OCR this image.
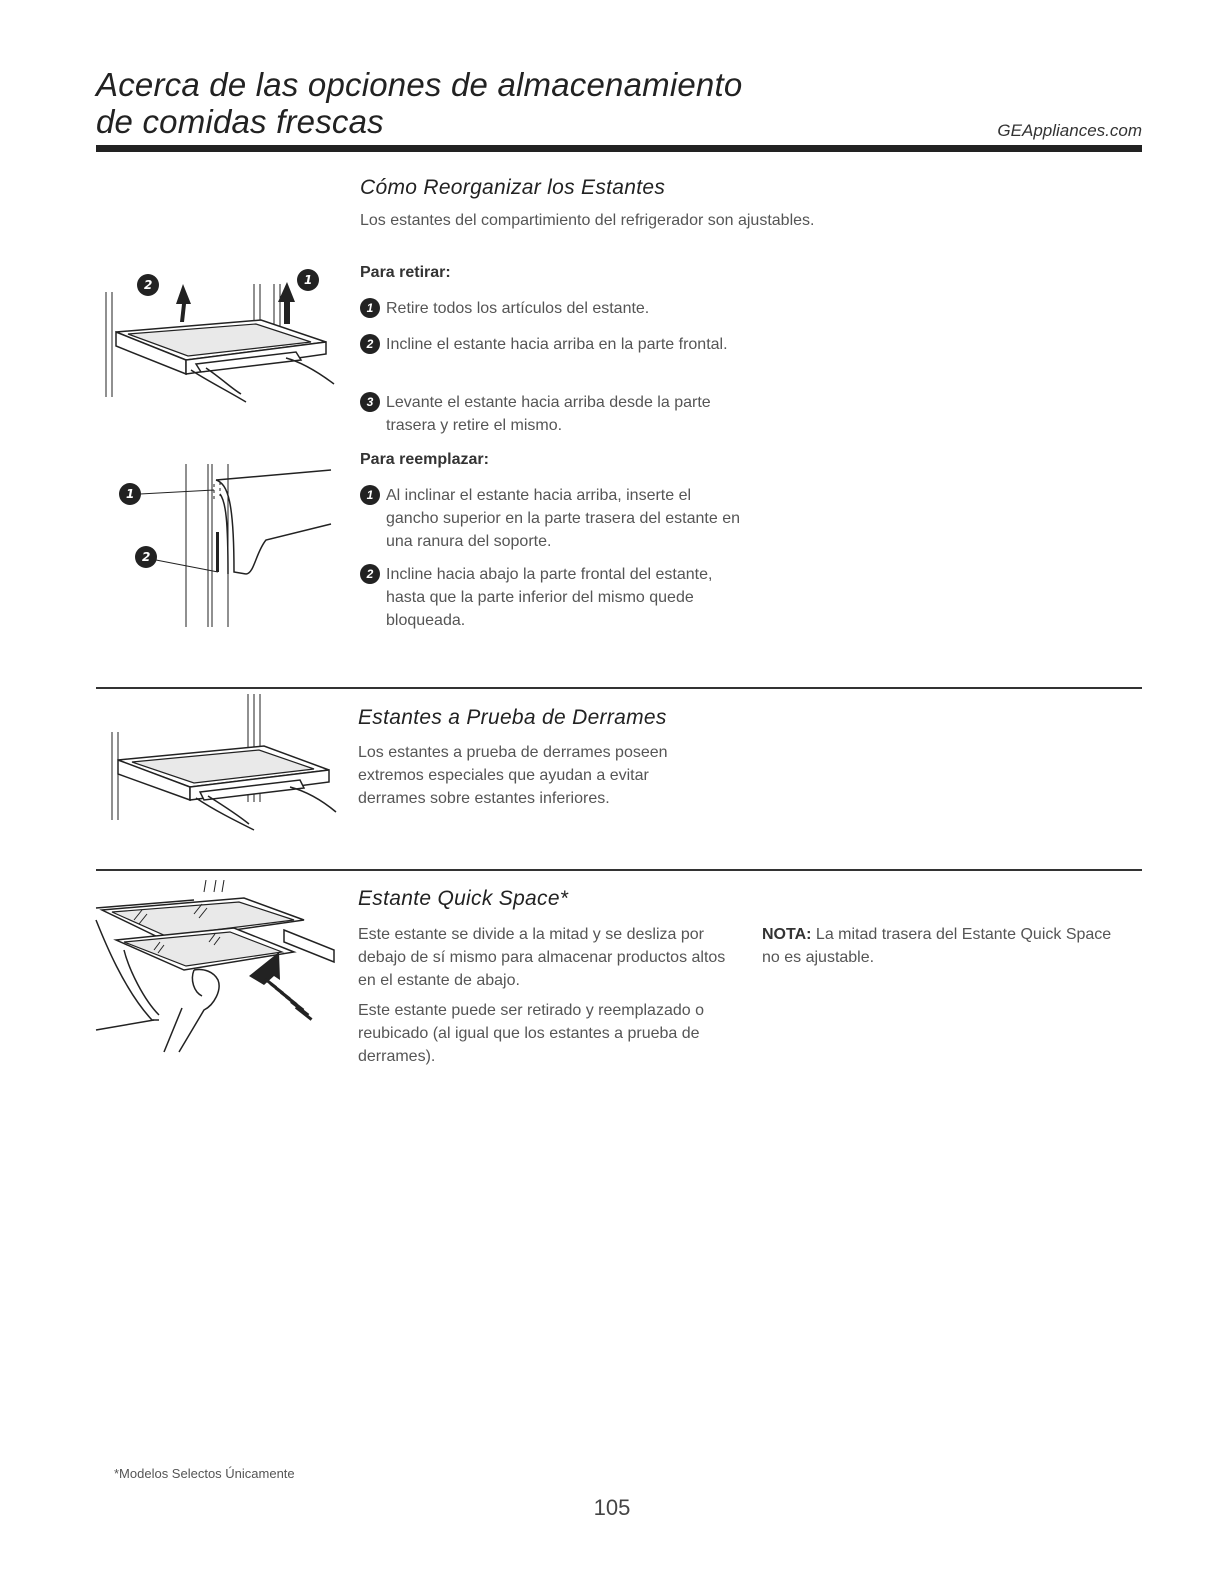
Acerca de las opciones de almacenamiento
de comidas frescas	GEAppliances.com
Cómo Reorganizar los Estantes
Los estantes del compartimiento del refrigerador son ajustables.
2	1	Para retirar:
1 Retire todos los artículos del estante.
2 Incline el estante hacia arriba en la parte frontal.
3 Levante el estante hacia arriba desde la parte trasera y retire el mismo.
Para reemplazar:
1
2
1 Al inclinar el estante hacia arriba, inserte el gancho superior en la parte trasera del estante en una ranura del soporte.
2 Incline hacia abajo la parte frontal del estante, hasta que la parte inferior del mismo quede bloqueada.
Estantes a Prueba de Derrames
Los estantes a prueba de derrames poseen extremos especiales que ayudan a evitar derrames sobre estantes inferiores.
Estante Quick Space*
Este estante se divide a la mitad y se desliza por debajo de sí mismo para almacenar productos altos en el estante de abajo.
Este estante puede ser retirado y reemplazado o reubicado (al igual que los estantes a prueba de derrames).
NOTA: La mitad trasera del Estante Quick Space no es ajustable.
*Modelos Selectos Únicamente
105
